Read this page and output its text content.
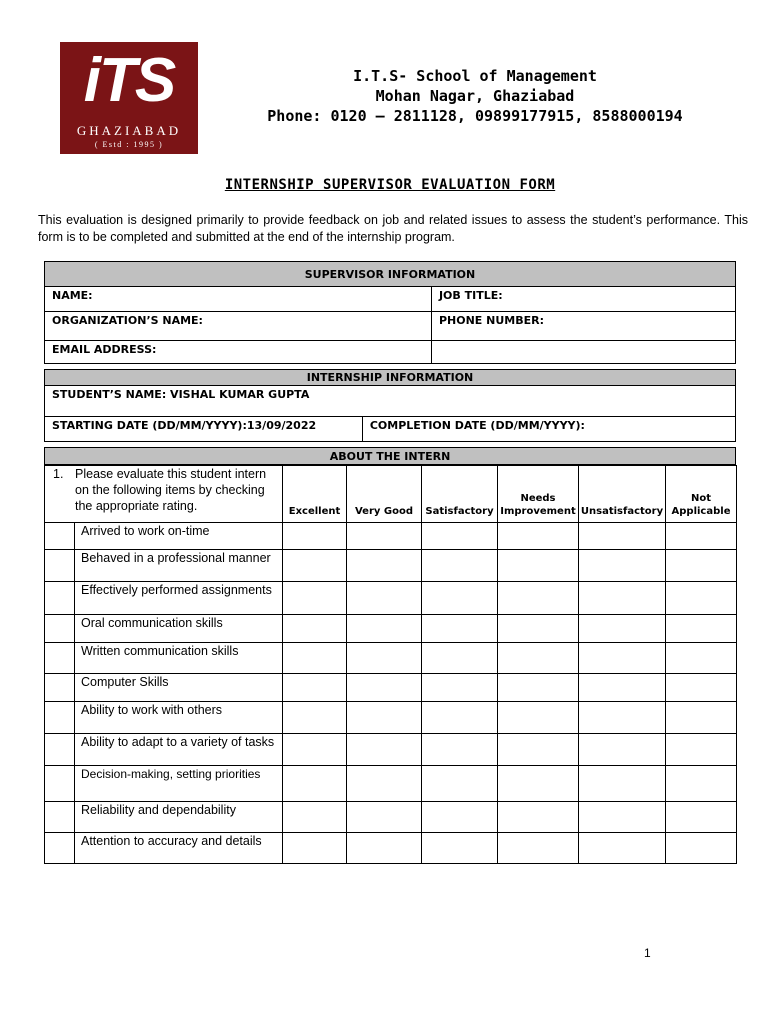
iTS
GHAZIABAD
( Estd : 1995 )
I.T.S- School of Management
Mohan Nagar, Ghaziabad
Phone: 0120 – 2811128, 09899177915, 8588000194
INTERNSHIP SUPERVISOR EVALUATION FORM
This evaluation is designed primarily to provide feedback on job and related issues to assess the student’s performance. This form is to be completed and submitted at the end of the internship program.
SUPERVISOR INFORMATION	
NAME:	JOB TITLE:
ORGANIZATION’S NAME:	PHONE NUMBER:
EMAIL ADDRESS:	
INTERNSHIP INFORMATION
STUDENT’S NAME: VISHAL KUMAR GUPTA
STARTING DATE (DD/MM/YYYY):13/09/2022	COMPLETION DATE (DD/MM/YYYY):
ABOUT THE INTERN
1. Please evaluate this student intern on the following items by checking the appropriate rating.		Excellent	Very Good	Satisfactory	Needs Improvement	Unsatisfactory	Not Applicable
	Arrived to work on-time						
	Behaved in a professional manner						
	Effectively performed assignments						
	Oral communication skills						
	Written communication skills						
	Computer Skills						
	Ability to work with others						
	Ability to adapt to a variety of tasks						
	Decision-making, setting priorities						
	Reliability and dependability						
	Attention to accuracy and details						
1
